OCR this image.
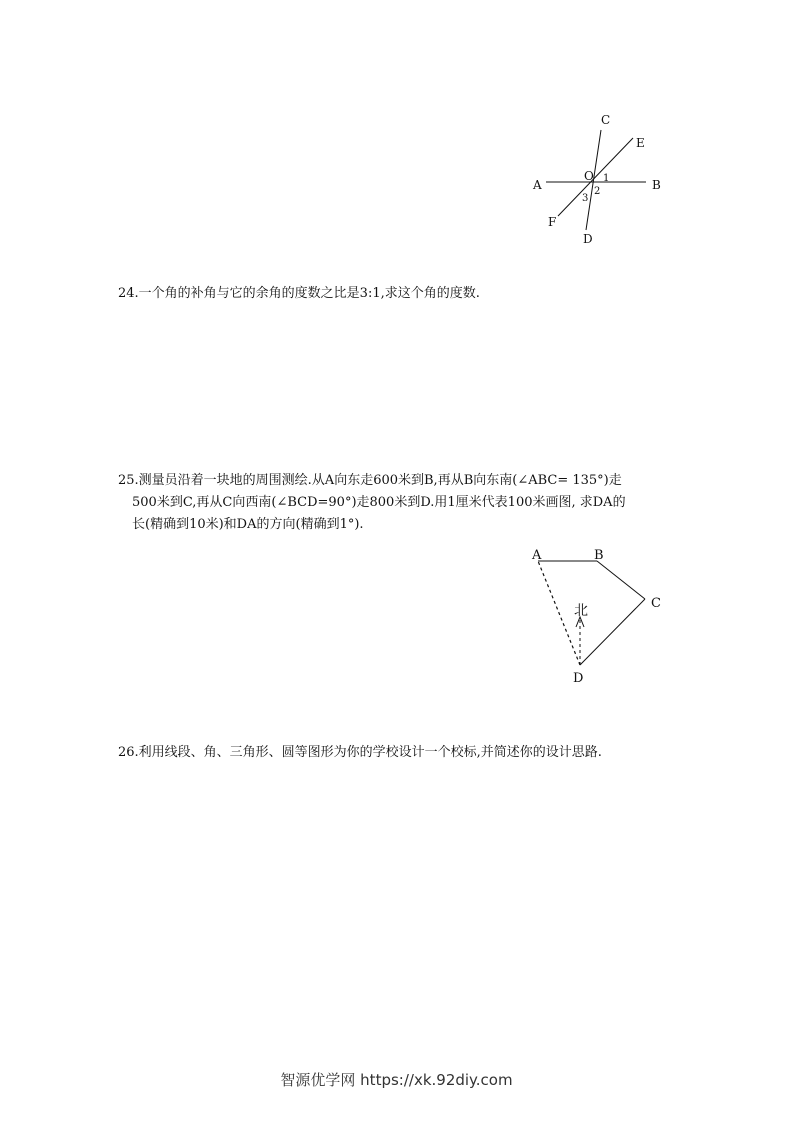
C
E
A	B
O 1
2
3
F
D

24.一个角的补角与它的余角的度数之比是3:1,求这个角的度数.

25.测量员沿着一块地的周围测绘.从A向东走600米到B,再从B向东南(∠ABC= 135°)走
500米到C,再从C向西南(∠BCD=90°)走800米到D.用1厘米代表100米画图, 求DA的
长(精确到10米)和DA的方向(精确到1°).

北
A	B
C
D

26.利用线段、角、三角形、圆等图形为你的学校设计一个校标,并简述你的设计思路.

智源优学网 https://xk.92diy.com
